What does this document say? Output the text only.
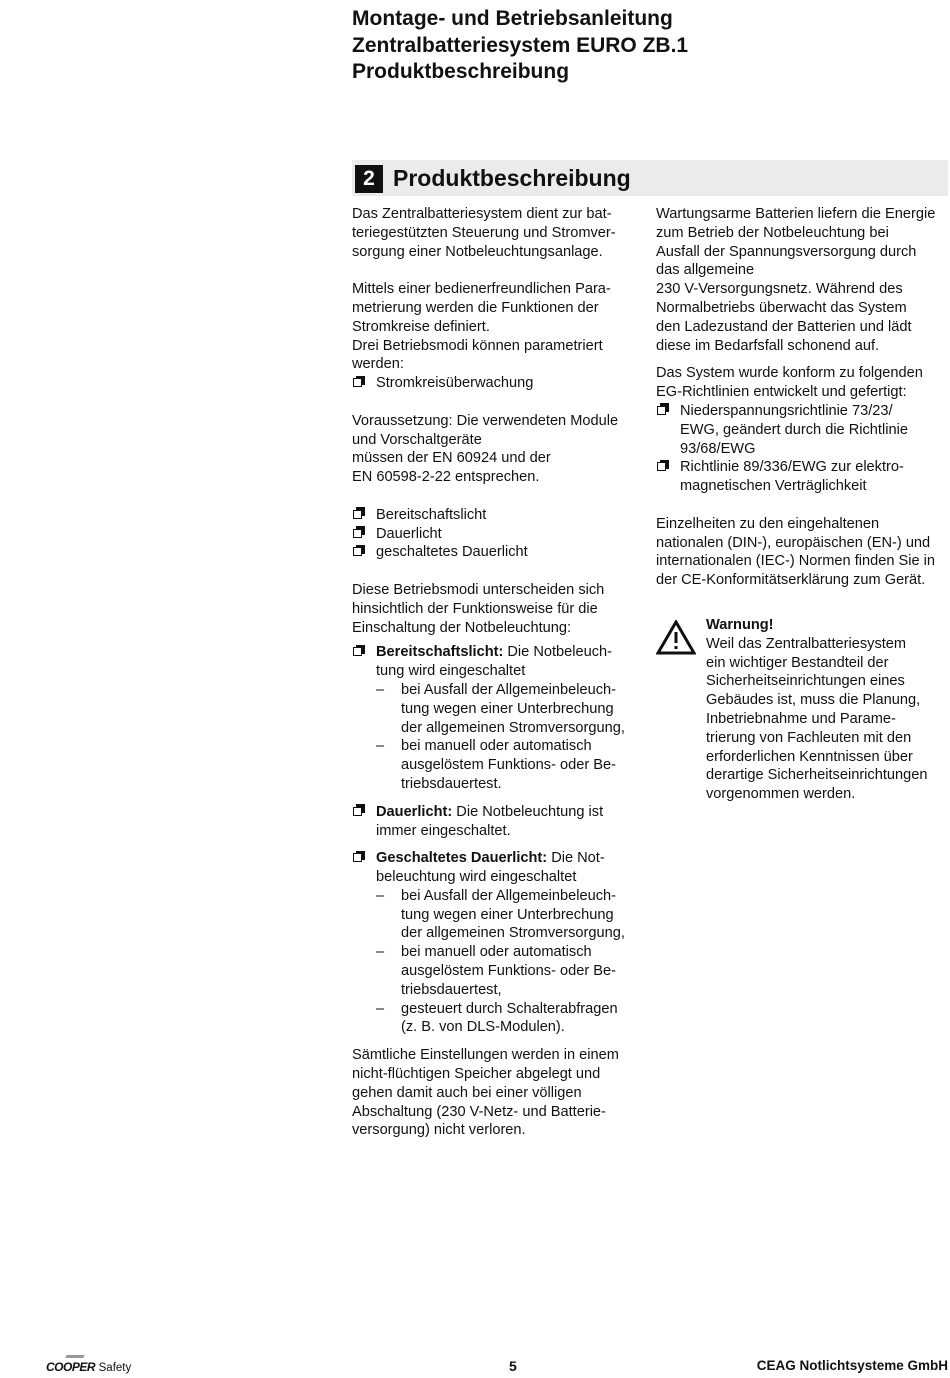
Montage- und Betriebsanleitung
Zentralbatteriesystem EURO ZB.1
Produktbeschreibung
2 Produktbeschreibung

Das Zentralbatteriesystem dient zur bat-
teriegestützten Steuerung und Stromver-
sorgung einer Notbeleuchtungsanlage.

Mittels einer bedienerfreundlichen Para-
metrierung werden die Funktionen der
Stromkreise definiert.
Drei Betriebsmodi können parametriert
werden:

Stromkreisüberwachung

Voraussetzung: Die verwendeten Module
und Vorschaltgeräte
müssen der EN 60924 und der
EN 60598-2-22 entsprechen.

Bereitschaftslicht
Dauerlicht
geschaltetes Dauerlicht

Diese Betriebsmodi unterscheiden sich
hinsichtlich der Funktionsweise für die
Einschaltung der Notbeleuchtung:

Bereitschaftslicht: Die Notbeleuch-
tung wird eingeschaltet
– bei Ausfall der Allgemeinbeleuch-
tung wegen einer Unterbrechung
der allgemeinen Stromversorgung,
– bei manuell oder automatisch
ausgelöstem Funktions- oder Be-
triebsdauertest.
Dauerlicht: Die Notbeleuchtung ist
immer eingeschaltet.
Geschaltetes Dauerlicht: Die Not-
beleuchtung wird eingeschaltet
– bei Ausfall der Allgemeinbeleuch-
tung wegen einer Unterbrechung
der allgemeinen Stromversorgung,
– bei manuell oder automatisch
ausgelöstem Funktions- oder Be-
triebsdauertest,
– gesteuert durch Schalterabfragen
(z. B. von DLS-Modulen).

Sämtliche Einstellungen werden in einem
nicht-flüchtigen Speicher abgelegt und
gehen damit auch bei einer völligen
Abschaltung (230 V-Netz- und Batterie-
versorgung) nicht verloren.

Wartungsarme Batterien liefern die Energie
zum Betrieb der Notbeleuchtung bei
Ausfall der Spannungsversorgung durch
das allgemeine
230 V-Versorgungsnetz. Während des
Normalbetriebs überwacht das System
den Ladezustand der Batterien und lädt
diese im Bedarfsfall schonend auf.

Das System wurde konform zu folgenden
EG-Richtlinien entwickelt und gefertigt:

Niederspannungsrichtlinie 73/23/
EWG, geändert durch die Richtlinie
93/68/EWG
Richtlinie 89/336/EWG zur elektro-
magnetischen Verträglichkeit

Einzelheiten zu den eingehaltenen
nationalen (DIN-), europäischen (EN-) und
internationalen (IEC-) Normen finden Sie in
der CE-Konformitätserklärung zum Gerät.

Warnung!
Weil das Zentralbatteriesystem
ein wichtiger Bestandteil der
Sicherheitseinrichtungen eines
Gebäudes ist, muss die Planung,
Inbetriebnahme und Parame-
trierung von Fachleuten mit den
erforderlichen Kenntnissen über
derartige Sicherheitseinrichtungen
vorgenommen werden.
COOPER Safety	5	CEAG Notlichtsysteme GmbH
